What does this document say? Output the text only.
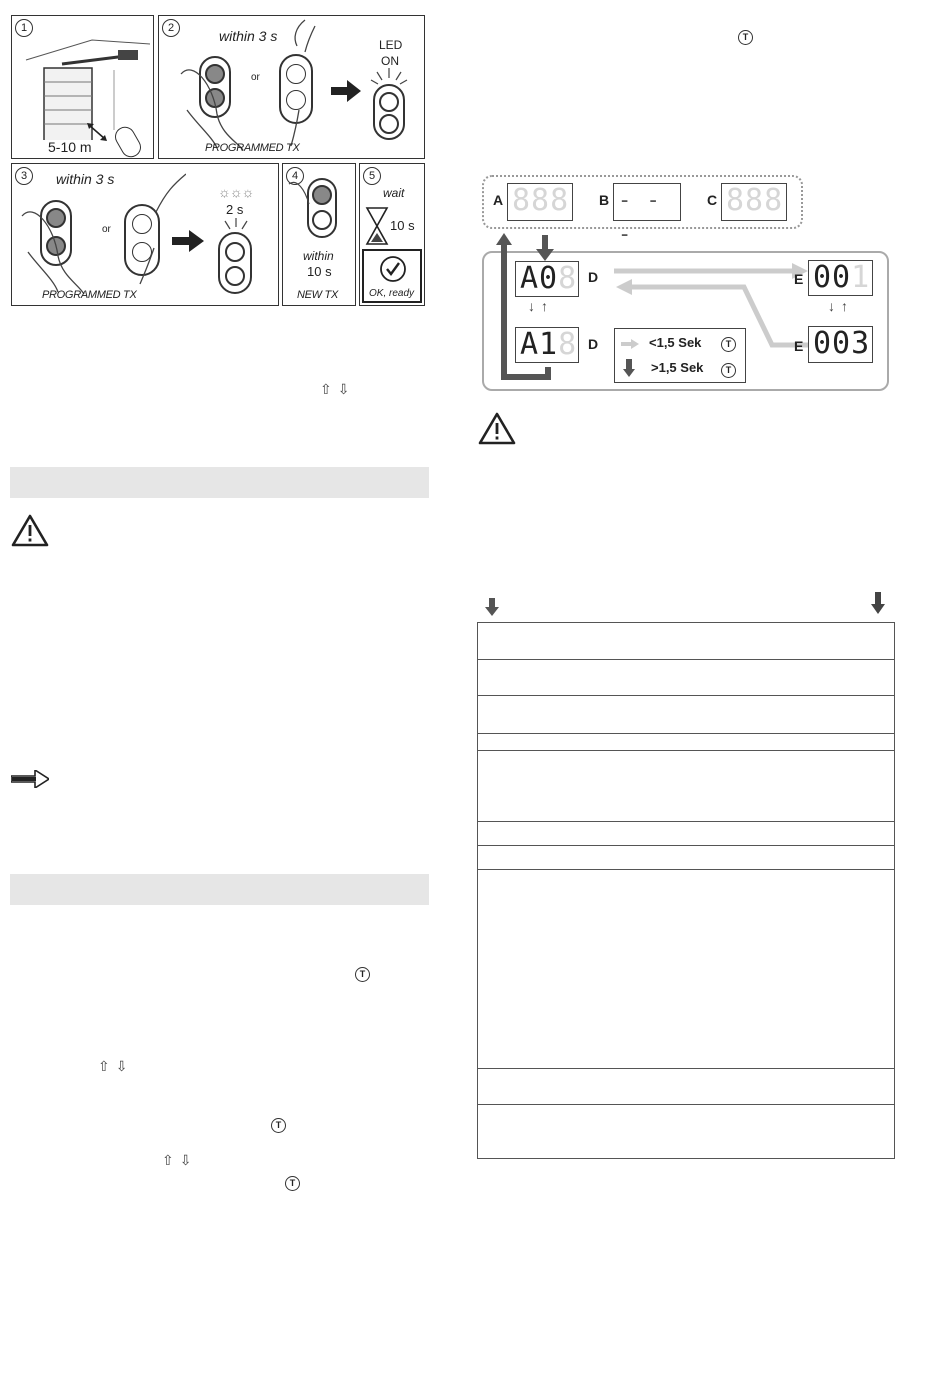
1
5-10 m
2	within 3 s
or
LED
ON
PROGRAMMED TX
3	within 3 s
or
☼☼☼
2 s
PROGRAMMED TX
4
within
10 s
NEW TX
5
wait
10 s
OK, ready
⇧⇩
T
⇧⇩
T
⇧⇩
T
T
A 888 B - - -
C 888
A08 D
↓↑
A18 D	<1,5 Sek	T
>1,5 Sek	T
E 001
↓↑
E 003
